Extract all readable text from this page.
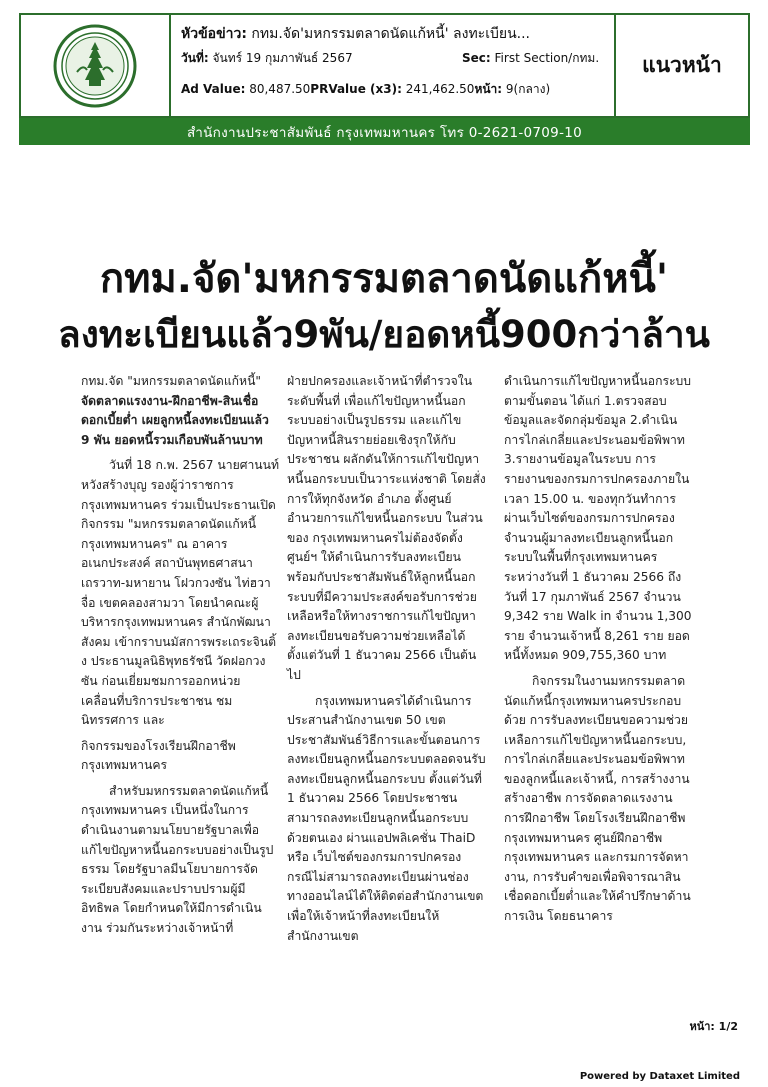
หัวข้อข่าว: กทม.จัด'มหกรรมตลาดนัดแก้หนี้' ลงทะเบียน...
วันที่: จันทร์ 19 กุมภาพันธ์ 2567	Sec: First Section/กทม.
Ad Value: 80,487.50PRValue (x3): 241,462.50หน้า: 9(กลาง)
แนวหน้า
สำนักงานประชาสัมพันธ์ กรุงเทพมหานคร โทร 0-2621-0709-10
กทม.จัด'มหกรรมตลาดนัดแก้หนี้'
ลงทะเบียนแล้ว9พัน/ยอดหนี้900กว่าล้าน

กทม.จัด "มหกรรมตลาดนัดแก้หนี้"

จัดตลาดแรงงาน-ฝึกอาชีพ-สินเชื่อดอกเบี้ยต่ำ เผยลูกหนี้ลงทะเบียนแล้ว 9 พัน ยอดหนี้รวมเกือบพันล้านบาท

วันที่ 18 ก.พ. 2567 นายศานนท์ หวังสร้างบุญ รองผู้ว่าราชการกรุงเทพมหานคร ร่วมเป็นประธานเปิดกิจกรรม "มหกรรมตลาดนัดแก้หนี้ กรุงเทพมหานคร" ณ อาคารอเนกประสงค์ สถาบันพุทธศาสนาเถรวาท-มหายาน โฝวกวงซัน ไท่ฮวาจื่อ เขตคลองสามวา โดยนำคณะผู้บริหารกรุงเทพมหานคร สำนักพัฒนาสังคม เข้ากราบนมัสการพระเถระจินติ้ง ประธานมูลนิธิพุทธรัชนี วัดฝอกวงซัน ก่อนเยี่ยมชมการออกหน่วยเคลื่อนที่บริการประชาชน ชมนิทรรศการ และ

กิจกรรมของโรงเรียนฝึกอาชีพกรุงเทพมหานคร

สำหรับมหกรรมตลาดนัดแก้หนี้กรุงเทพมหานคร เป็นหนึ่งในการดำเนินงานตามนโยบายรัฐบาลเพื่อแก้ไขปัญหาหนี้นอกระบบอย่างเป็นรูปธรรม โดยรัฐบาลมีนโยบายการจัดระเบียบสังคมและปราบปรามผู้มีอิทธิพล โดยกำหนดให้มีการดำเนินงาน ร่วมกันระหว่างเจ้าหน้าที่

ฝ่ายปกครองและเจ้าหน้าที่ตำรวจในระดับพื้นที่ เพื่อแก้ไขปัญหาหนี้นอกระบบอย่างเป็นรูปธรรม และแก้ไขปัญหาหนี้สินรายย่อยเชิงรุกให้กับประชาชน ผลักดันให้การแก้ไขปัญหาหนี้นอกระบบเป็นวาระแห่งชาติ โดยสั่งการให้ทุกจังหวัด อำเภอ ตั้งศูนย์อำนวยการแก้ไขหนี้นอกระบบ ในส่วนของ กรุงเทพมหานครไม่ต้องจัดตั้งศูนย์ฯ ให้ดำเนินการรับลงทะเบียนพร้อมกับประชาสัมพันธ์ให้ลูกหนี้นอกระบบที่มีความประสงค์ขอรับการช่วยเหลือหรือให้ทางราชการแก้ไขปัญหา ลงทะเบียนขอรับความช่วยเหลือได้ตั้งแต่วันที่ 1 ธันวาคม 2566 เป็นต้นไป

กรุงเทพมหานครได้ดำเนินการประสานสำนักงานเขต 50 เขต ประชาสัมพันธ์วิธีการและขั้นตอนการลงทะเบียนลูกหนี้นอกระบบตลอดจนรับลงทะเบียนลูกหนี้นอกระบบ ตั้งแต่วันที่ 1 ธันวาคม 2566 โดยประชาชนสามารถลงทะเบียนลูกหนี้นอกระบบด้วยตนเอง ผ่านแอปพลิเคชั่น ThaiD หรือ เว็บไซต์ของกรมการปกครอง กรณีไม่สามารถลงทะเบียนผ่านช่องทางออนไลน์ได้ให้ติดต่อสำนักงานเขต เพื่อให้เจ้าหน้าที่ลงทะเบียนให้ สำนักงานเขต

ดำเนินการแก้ไขปัญหาหนี้นอกระบบตามขั้นตอน ได้แก่ 1.ตรวจสอบข้อมูลและจัดกลุ่มข้อมูล 2.ดำเนินการไกล่เกลี่ยและประนอมข้อพิพาท 3.รายงานข้อมูลในระบบ การรายงานของกรมการปกครองภายใน เวลา 15.00 น. ของทุกวันทำการ ผ่านเว็บไซต์ของกรมการปกครอง จำนวนผู้มาลงทะเบียนลูกหนี้นอกระบบในพื้นที่กรุงเทพมหานคร ระหว่างวันที่ 1 ธันวาคม 2566 ถึง วันที่ 17 กุมภาพันธ์ 2567 จำนวน 9,342 ราย Walk in จำนวน 1,300 ราย จำนวนเจ้าหนี้ 8,261 ราย ยอดหนี้ทั้งหมด 909,755,360 บาท

กิจกรรมในงานมหกรรมตลาดนัดแก้หนี้กรุงเทพมหานครประกอบด้วย การรับลงทะเบียนขอความช่วยเหลือการแก้ไขปัญหาหนี้นอกระบบ, การไกล่เกลี่ยและประนอมข้อพิพาทของลูกหนี้และเจ้าหนี้, การสร้างงานสร้างอาชีพ การจัดตลาดแรงงาน การฝึกอาชีพ โดยโรงเรียนฝึกอาชีพกรุงเทพมหานคร ศูนย์ฝึกอาชีพกรุงเทพมหานคร และกรมการจัดหางาน, การรับคำขอเพื่อพิจารณาสินเชื่อดอกเบี้ยต่ำและให้คำปรึกษาด้านการเงิน โดยธนาคาร

หน้า: 1/2
Powered by Dataxet Limited
